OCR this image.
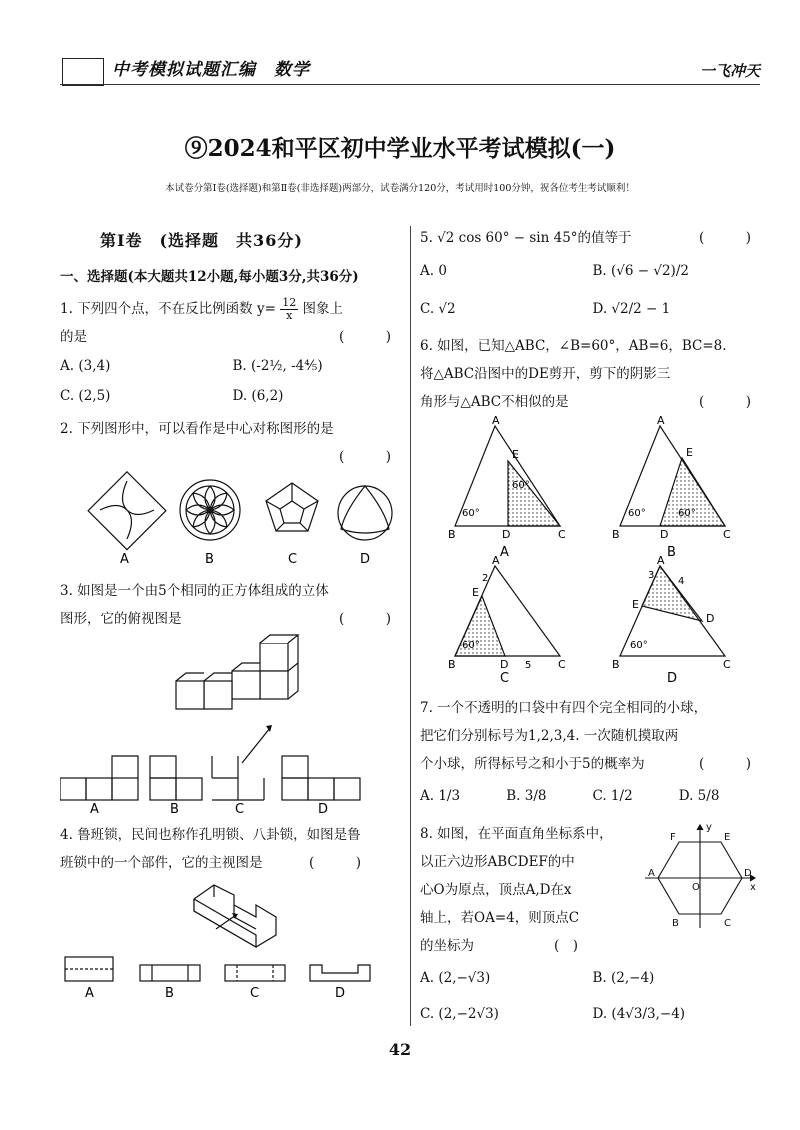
中考模拟试题汇编　数学	一飞冲天
⑨2024和平区初中学业水平考试模拟(一)
本试卷分第Ⅰ卷(选择题)和第Ⅱ卷(非选择题)两部分，试卷满分120分，考试用时100分钟，祝各位考生考试顺利！
第Ⅰ卷　(选择题　共36分)
一、选择题(本大题共12小题,每小题3分,共36分)
1. 下列四个点，不在反比例函数 $y= \frac{12}{x}$ 图象上
的是	(　)
A. (3,4)	B. (-2½, -4⅘)
C. (2,5)	D. (6,2)
2. 下列图形中，可以看作是中心对称图形的是
(　)
A	B	C	D
3. 如图是一个由5个相同的正方体组成的立体
图形，它的俯视图是	(　)
A	B	C	D
4. 鲁班锁，民间也称作孔明锁、八卦锁，如图是鲁
班锁中的一个部件，它的主视图是	(　)
A	B	C	D
5. √2 cos 60° − sin 45°的值等于	(　)
A. 0	B. (√6 − √2)/2
C. √2	D. √2/2 − 1
6. 如图，已知△ABC，∠B=60°，AB=6，BC=8.
将△ABC沿图中的DE剪开，剪下的阴影三
角形与△ABC不相似的是	(　)
A
E
B	D	C
60°
60°
A
E
B	D	C
60°	60°
A	B
A
2
E
B	D 5 C
60°
A
3
4
E
D
B	C
60°
C	D
7. 一个不透明的口袋中有四个完全相同的小球，
把它们分别标号为1,2,3,4. 一次随机摸取两
个小球，所得标号之和小于5的概率为	(　)
A. 1/3	B. 3/8	C. 1/2	D. 5/8
8. 如图，在平面直角坐标系中，
以正六边形ABCDEF的中
心O为原点，顶点A,D在x
轴上，若OA=4，则顶点C
的坐标为	(　)
y
x
O
A
F	E
D
C
B
A. (2,−√3)	B. (2,−4)
C. (2,−2√3)	D. (4√3/3,−4)
42
